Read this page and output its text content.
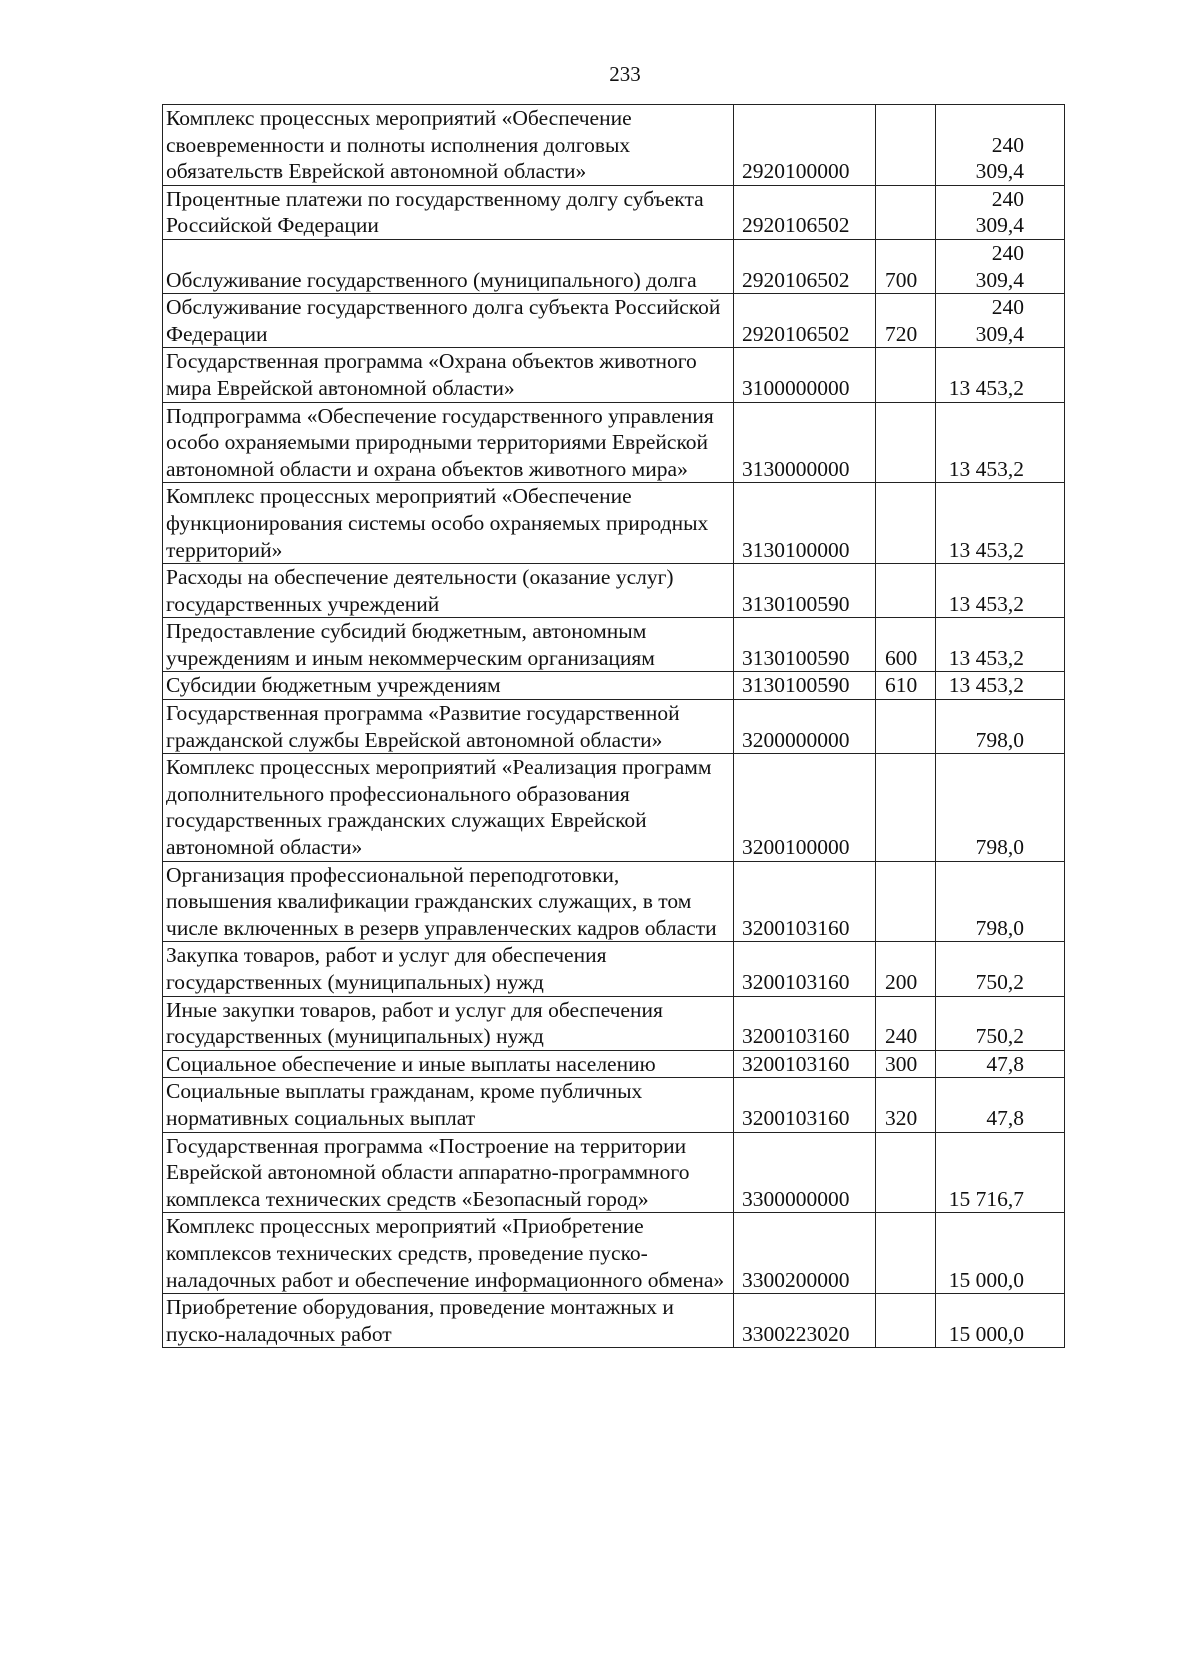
233
Комплекс процессных мероприятий «Обеспечение своевременности и полноты исполнения долговых обязательств Еврейской автономной области»	2920100000		240 309,4
Процентные платежи по государственному долгу субъекта Российской Федерации	2920106502		240 309,4
Обслуживание государственного (муниципального) долга	2920106502	700	240 309,4
Обслуживание государственного долга субъекта Российской Федерации	2920106502	720	240 309,4
Государственная программа «Охрана объектов животного мира Еврейской автономной области»	3100000000		13 453,2
Подпрограмма «Обеспечение государственного управления особо охраняемыми природными территориями Еврейской автономной области и охрана объектов животного мира»	3130000000		13 453,2
Комплекс процессных мероприятий «Обеспечение функционирования системы особо охраняемых природных территорий»	3130100000		13 453,2
Расходы на обеспечение деятельности (оказание услуг) государственных учреждений	3130100590		13 453,2
Предоставление субсидий бюджетным, автономным учреждениям и иным некоммерческим организациям	3130100590	600	13 453,2
Субсидии бюджетным учреждениям	3130100590	610	13 453,2
Государственная программа «Развитие государственной гражданской службы Еврейской автономной области»	3200000000		798,0
Комплекс процессных мероприятий «Реализация программ дополнительного профессионального образования государственных гражданских служащих Еврейской автономной области»	3200100000		798,0
Организация профессиональной переподготовки, повышения квалификации гражданских служащих, в том числе включенных в резерв управленческих кадров области	3200103160		798,0
Закупка товаров, работ и услуг для обеспечения государственных (муниципальных) нужд	3200103160	200	750,2
Иные закупки товаров, работ и услуг для обеспечения государственных (муниципальных) нужд	3200103160	240	750,2
Социальное обеспечение и иные выплаты населению	3200103160	300	47,8
Социальные выплаты гражданам, кроме публичных нормативных социальных выплат	3200103160	320	47,8
Государственная программа «Построение на территории Еврейской автономной области аппаратно-программного комплекса технических средств «Безопасный город»	3300000000		15 716,7
Комплекс процессных мероприятий «Приобретение комплексов технических средств, проведение пуско-наладочных работ и обеспечение информационного обмена»	3300200000		15 000,0
Приобретение оборудования, проведение монтажных и пуско-наладочных работ	3300223020		15 000,0
